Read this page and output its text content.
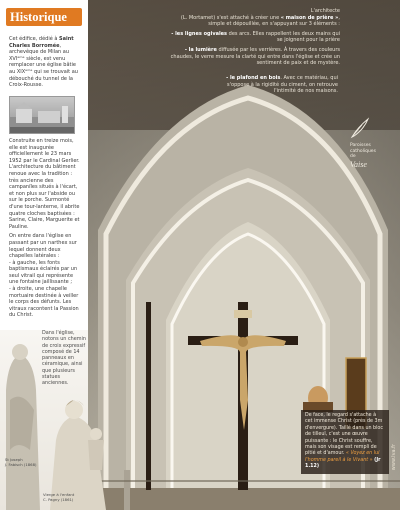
L'architecte
(L. Mortamet) s'est attaché à créer une « maison de prière », simple et dépouillée, en s'appuyant sur 3 éléments :

- les lignes ogivales des arcs. Elles rappellent les deux mains qui se joignent pour la prière

- la lumière diffusée par les verrières. À travers des couleurs chaudes, le verre mesure la clarté qui entre dans l'église et crée un sentiment de paix et de mystère.

- le plafond en bois. Avec ce matériau, qui s'oppose à la rigidité du ciment, on retrouve l'intimité de nos maisons.

Paroisses
catholiques
de
Vaise
De face, le regard s'attache à cet immense Christ (près de 3m d'envergure). Taillé dans un bloc de tilleul, c'est une œuvre puissante : le Christ souffre, mais son visage est rempli de pitié et d'amour. « Voyez en lui l'homme pareil à le Vivant » (Jr 1.12)	www.lva.fr
Historique

Cet édifice, dédié à Saint Charles Borromée, archevêque de Milan au XVIᵉᵐᵉ siècle, est venu remplacer une église bâtie au XIXᵉᵐᵉ qui se trouvait au débouché du tunnel de la Croix-Rousse.

Construite en treize mois, elle est inaugurée officiellement le 23 mars 1952 par le Cardinal Gerlier. L'architecture du bâtiment renoue avec la tradition : très ancienne des campanïles situés à l'écart, et non plus sur l'abside ou sur le porche. Surmonté d'une tour-lanterne, il abrite quatre cloches baptisées : Sarine, Claire, Marguerite et Pauline.

On entre dans l'église en passant par un narthex sur lequel donnent deux chapelles latérales :
- à gauche, les fonts baptismaux éclairés par un seul vitrail qui représente une fontaine jaillissante ;
- à droite, une chapelle mortuaire destinée à veiller le corps des défunts. Les vitraux racontent la Passion du Christ.

Dans l'église, notons un chemin de croix expressif composé de 14 panneaux en céramique, ainsi que plusieurs statues anciennes.
St Joseph
J. Fabisch (1868)
Vierge à l'enfant
C. Pagny (1861)
